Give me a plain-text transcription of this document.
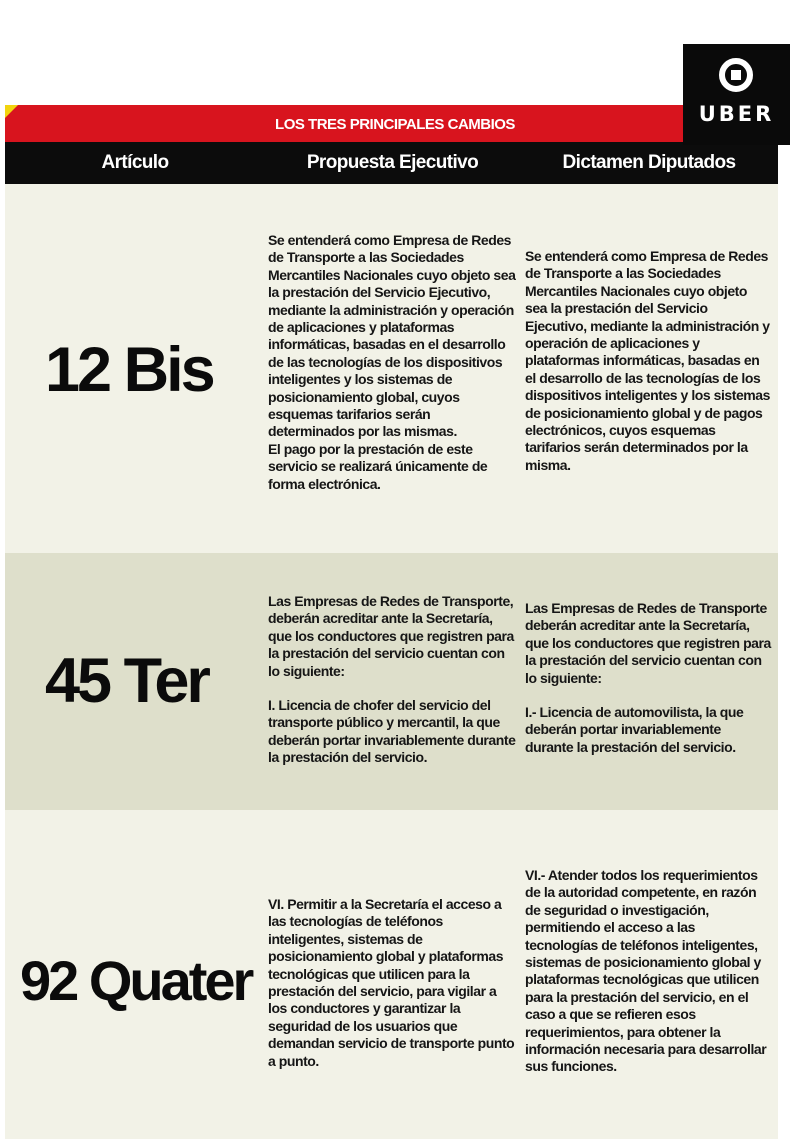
UBER
LOS TRES PRINCIPALES CAMBIOS
Artículo	Propuesta Ejecutivo	Dictamen Diputados
12 Bis

Se entenderá como Empresa de Redes de Transporte a las Sociedades Mercantiles Nacionales cuyo objeto sea la prestación del Servicio Ejecutivo, mediante la administración y operación de aplicaciones y plataformas informáticas, basadas en el desarrollo de las tecnologías de los dispositivos inteligentes y los sistemas de posicionamiento global, cuyos esquemas tarifarios serán determinados por las mismas.

El pago por la prestación de este servicio se realizará únicamente de forma electrónica.

Se entenderá como Empresa de Redes de Transporte a las Sociedades Mercantiles Nacionales cuyo objeto sea la prestación del Servicio Ejecutivo, mediante la administración y operación de aplicaciones y plataformas informáticas, basadas en el desarrollo de las tecnologías de los dispositivos inteligentes y los sistemas de posicionamiento global y de pagos electrónicos, cuyos esquemas tarifarios serán determinados por la misma.

45 Ter

Las Empresas de Redes de Transporte, deberán acreditar ante la Secretaría, que los conductores que registren para la prestación del servicio cuentan con lo siguiente:

I. Licencia de chofer del servicio del transporte público y mercantil, la que deberán portar invariablemente durante la prestación del servicio.

Las Empresas de Redes de Transporte deberán acreditar ante la Secretaría, que los conductores que registren para la prestación del servicio cuentan con lo siguiente:

I.- Licencia de automovilista, la que deberán portar invariablemente durante la prestación del servicio.

92 Quater

VI. Permitir a la Secretaría el acceso a las tecnologías de teléfonos inteligentes, sistemas de posicionamiento global y plataformas tecnológicas que utilicen para la prestación del servicio, para vigilar a los conductores y garantizar la seguridad de los usuarios que demandan servicio de transporte punto a punto.

VI.- Atender todos los requerimientos de la autoridad competente, en razón de seguridad o investigación, permitiendo el acceso a las tecnologías de teléfonos inteligentes, sistemas de posicionamiento global y plataformas tecnológicas que utilicen para la prestación del servicio, en el caso a que se refieren esos requerimientos, para obtener la información necesaria para desarrollar sus funciones.
